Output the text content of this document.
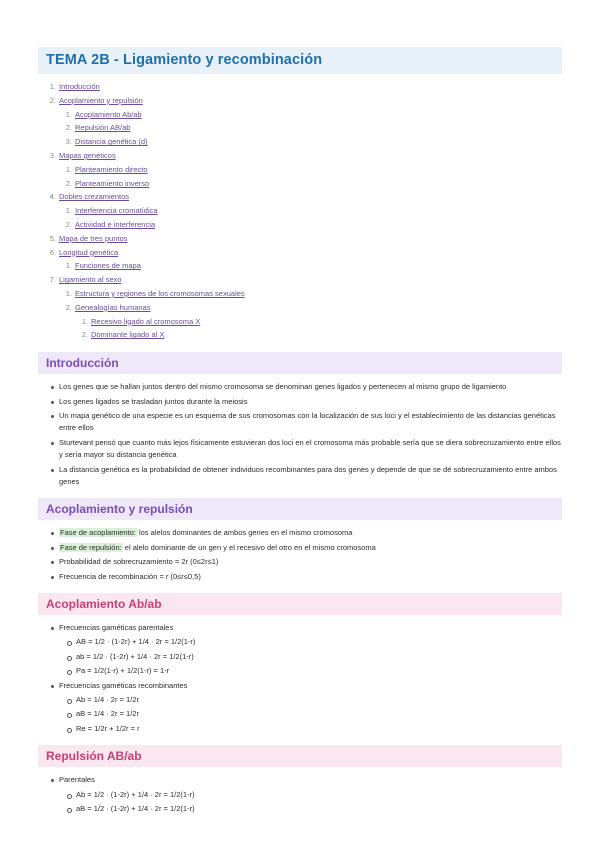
TEMA 2B - Ligamiento y recombinación
1. Introducción
2. Acoplamiento y repulsión
1. Acoplamiento Ab/ab
2. Repulsión AB/ab
3. Distancia genética (d)
3. Mapas genéticos
1. Planteamiento directo
2. Planteamiento inverso
4. Dobles crezamientos
1. Interferencia cromatídica
2. Actividad e interferencia
5. Mapa de tres puntos
6. Longitud genética
1. Funciones de mapa
7. Ligamiento al sexo
1. Estructura y regiones de los cromosomas sexuales
2. Genealogías humanas
1. Recesivo ligado al cromosoma X
2. Dominante ligado al X
Introducción
Los genes que se hallan juntos dentro del mismo cromosoma se denominan genes ligados y pertenecen al mismo grupo de ligamiento
Los genes ligados se trasladan juntos durante la meiosis
Un mapa genético de una especie es un esquema de sus cromosomas con la localización de sus loci y el establecimiento de las distancias genéticas entre ellos
Sturtevant pensó que cuanto más lejos físicamente estuvieran dos loci en el cromosoma más probable sería que se diera sobrecruzamiento entre ellos y sería mayor su distancia genética
La distancia genética es la probabilidad de obtener individuos recombinantes para dos genes y depende de que se dé sobrecruzamiento entre ambos genes
Acoplamiento y repulsión
Fase de acoplamiento: los alelos dominantes de ambos genes en el mismo cromosoma
Fase de repulsión: el alelo dominante de un gen y el recesivo del otro en el mismo cromosoma
Probabilidad de sobrecruzamiento = 2r (0≤2r≤1)
Frecuencia de recombinación = r (0≤r≤0,5)
Acoplamiento Ab/ab
Frecuencias gaméticas parentales
AB = 1/2 · (1-2r) + 1/4 · 2r = 1/2(1-r)
ab = 1/2 · (1-2r) + 1/4 · 2r = 1/2(1-r)
Pa = 1/2(1-r) + 1/2(1-r) = 1-r
Frecuencias gaméticas recombinantes
Ab = 1/4 · 2r = 1/2r
aB = 1/4 · 2r = 1/2r
Re = 1/2r + 1/2r = r
Repulsión AB/ab
Parentales
Ab = 1/2 · (1-2r) + 1/4 · 2r = 1/2(1-r)
aB = 1/2 · (1-2r) + 1/4 · 2r = 1/2(1-r)
